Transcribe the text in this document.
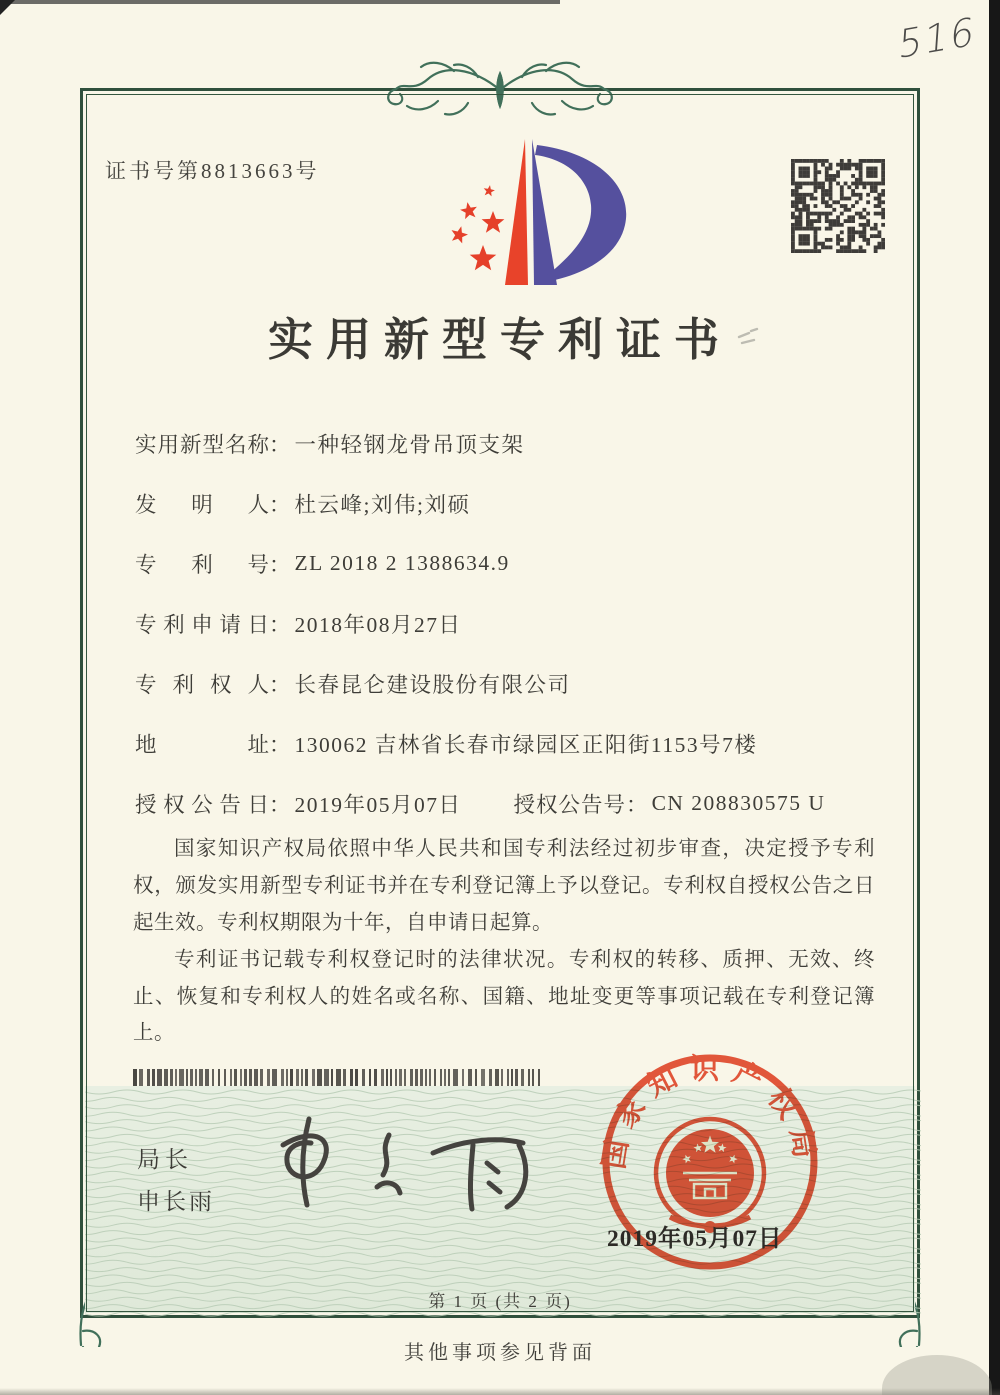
516
证书号第8813663号
实用新型专利证书
实用新型名称 ： 一种轻钢龙骨吊顶支架
发明人 ： 杜云峰;刘伟;刘硕
专利号 ： ZL 2018 2 1388634.9
专利申请日 ： 2018年08月27日
专利权人 ： 长春昆仑建设股份有限公司
地址 ： 130062 吉林省长春市绿园区正阳街1153号7楼
授权公告日 ： 2019年05月07日 授权公告号 ： CN 208830575 U

国家知识产权局依照中华人民共和国专利法经过初步审查，决定授予专利权，颁发实用新型专利证书并在专利登记簿上予以登记。专利权自授权公告之日起生效。专利权期限为十年，自申请日起算。

专利证书记载专利权登记时的法律状况。专利权的转移、质押、无效、终止、恢复和专利权人的姓名或名称、国籍、地址变更等事项记载在专利登记簿上。

局长
申长雨
国家知识产权局
2019年05月07日
第 1 页 (共 2 页)
其他事项参见背面
